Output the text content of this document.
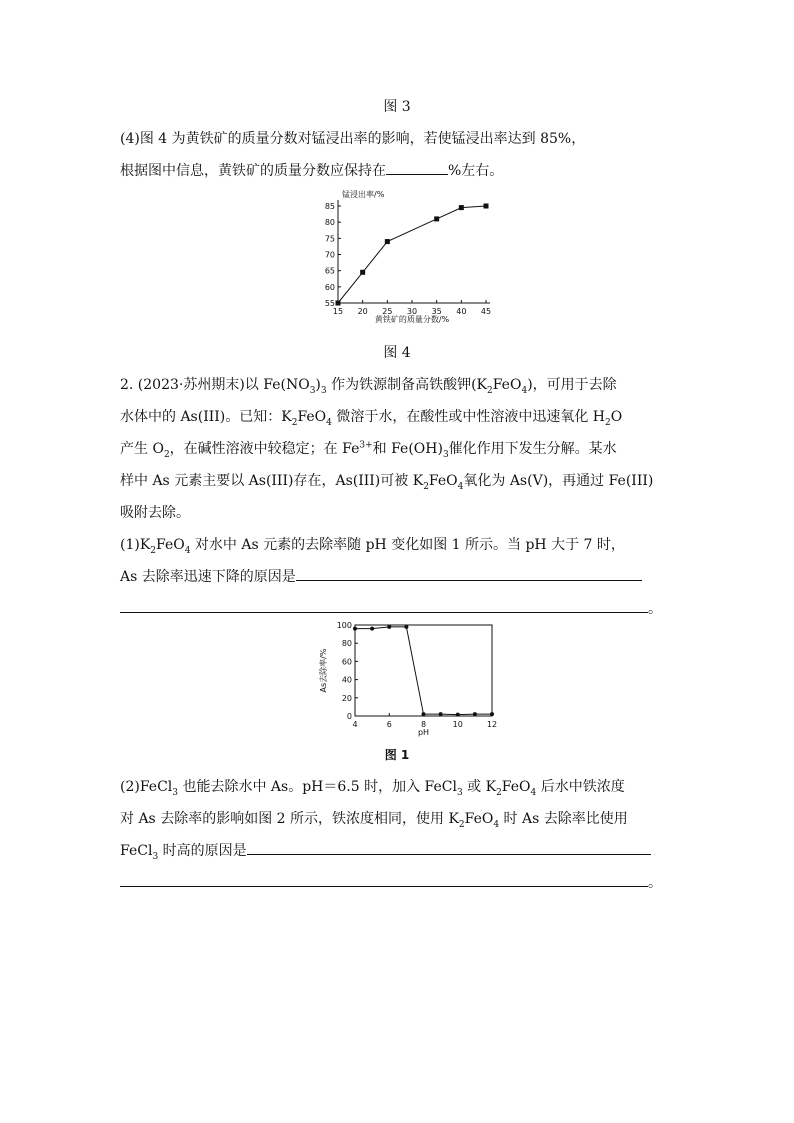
图 3
(4)图 4 为黄铁矿的质量分数对锰浸出率的影响，若使锰浸出率达到 85%，
根据图中信息，黄铁矿的质量分数应保持在	%左右。
15 20 25 30 35 40 45
55
60
65
70
75
80
85
黄铁矿的质量分数/%
锰浸出率/%
图 4
2. (2023·苏州期末)以 $Fe(NO_3)_3$ 作为铁源制备高铁酸钾$(K_2FeO_4)$，可用于去除
水体中的 As(III)。已知：$K_2FeO_4$ 微溶于水，在酸性或中性溶液中迅速氧化 $H_2O$
产生 $O_2$，在碱性溶液中较稳定；在 $Fe^{3+}$和 $Fe(OH)_3$催化作用下发生分解。某水
样中 As 元素主要以 As(III)存在，As(III)可被 $K_2FeO_4$氧化为 As(Ⅴ)，再通过 Fe(III)
吸附去除。
$(1)K_2FeO_4$ 对水中 As 元素的去除率随 pH 变化如图 1 所示。当 pH 大于 7 时，
As 去除率迅速下降的原因是
。
4	6	8	10	12
0
20
40
60
80
100
pH
As去除率/%
图 1
(2)FeCl$_3$ 也能去除水中 As。pH＝6.5 时，加入 FeCl$_3$ 或 $K_2FeO_4$ 后水中铁浓度
对 As 去除率的影响如图 2 所示，铁浓度相同，使用 $K_2FeO_4$ 时 As 去除率比使用
FeCl$_3$ 时高的原因是
。
